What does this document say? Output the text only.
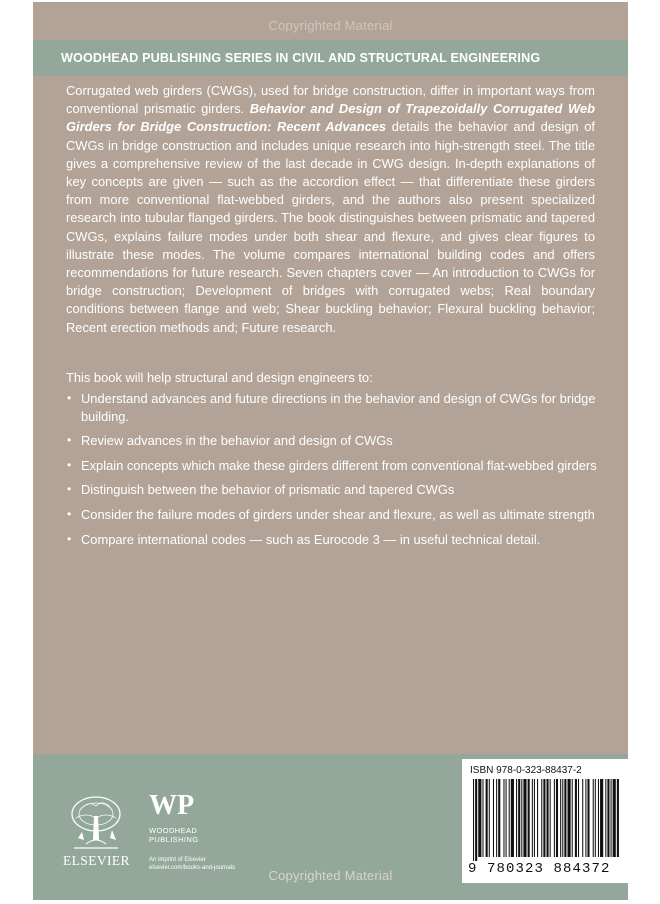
Copyrighted Material
WOODHEAD PUBLISHING SERIES IN CIVIL AND STRUCTURAL ENGINEERING

Corrugated web girders (CWGs), used for bridge construction, differ in important ways from conventional prismatic girders. Behavior and Design of Trapezoidally Corrugated Web Girders for Bridge Construction: Recent Advances details the behavior and design of CWGs in bridge construction and includes unique research into high-strength steel. The title gives a comprehensive review of the last decade in CWG design. In-depth explanations of key concepts are given — such as the accordion effect — that differentiate these girders from more conventional flat-webbed girders, and the authors also present specialized research into tubular flanged girders. The book distinguishes between prismatic and tapered CWGs, explains failure modes under both shear and flexure, and gives clear figures to illustrate these modes. The volume compares international building codes and offers recommendations for future research. Seven chapters cover — An introduction to CWGs for bridge construction; Development of bridges with corrugated webs; Real boundary conditions between flange and web; Shear buckling behavior; Flexural buckling behavior; Recent erection methods and; Future research.

This book will help structural and design engineers to:

• Understand advances and future directions in the behavior and design of CWGs for bridge building.
• Review advances in the behavior and design of CWGs
• Explain concepts which make these girders different from conventional flat-webbed girders
• Distinguish between the behavior of prismatic and tapered CWGs
• Consider the failure modes of girders under shear and flexure, as well as ultimate strength
• Compare international codes — such as Eurocode 3 — in useful technical detail.
ELSEVIER
WP
WOODHEAD
PUBLISHING
An imprint of Elsevier
elsevier.com/books-and-journals
ISBN 978-0-323-88437-2
9 780323 884372
Copyrighted Material
